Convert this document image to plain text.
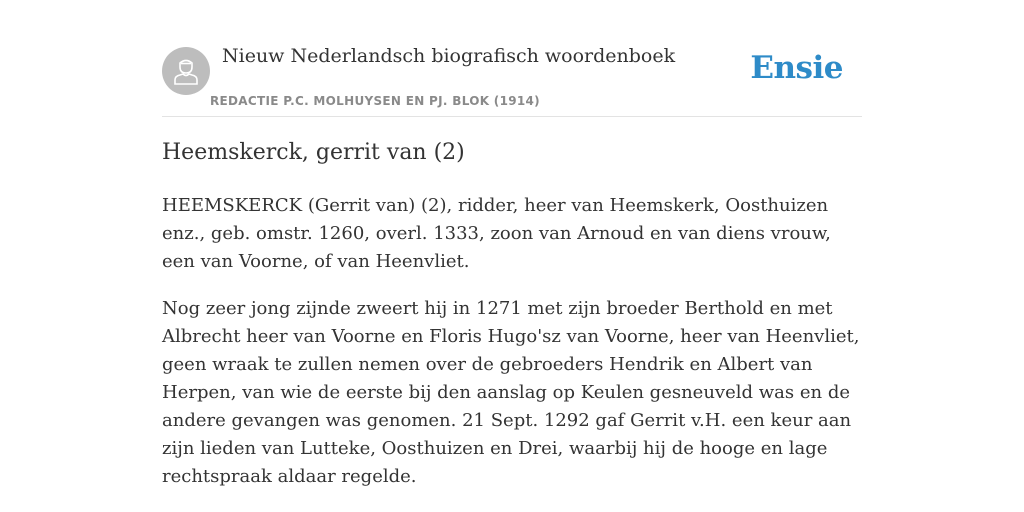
Nieuw Nederlandsch biografisch woordenboek
REDACTIE P.C. MOLHUYSEN EN PJ. BLOK (1914)
Ensie
Heemskerck, gerrit van (2)

HEEMSKERCK (Gerrit van) (2), ridder, heer van Heemskerk, Oosthuizen enz., geb. omstr. 1260, overl. 1333, zoon van Arnoud en van diens vrouw, een van Voorne, of van Heenvliet.

Nog zeer jong zijnde zweert hij in 1271 met zijn broeder Berthold en met Albrecht heer van Voorne en Floris Hugo'sz van Voorne, heer van Heenvliet, geen wraak te zullen nemen over de gebroeders Hendrik en Albert van Herpen, van wie de eerste bij den aanslag op Keulen gesneuveld was en de andere gevangen was genomen. 21 Sept. 1292 gaf Gerrit v.H. een keur aan zijn lieden van Lutteke, Oosthuizen en Drei, waarbij hij de hooge en lage rechtspraak aldaar regelde.
